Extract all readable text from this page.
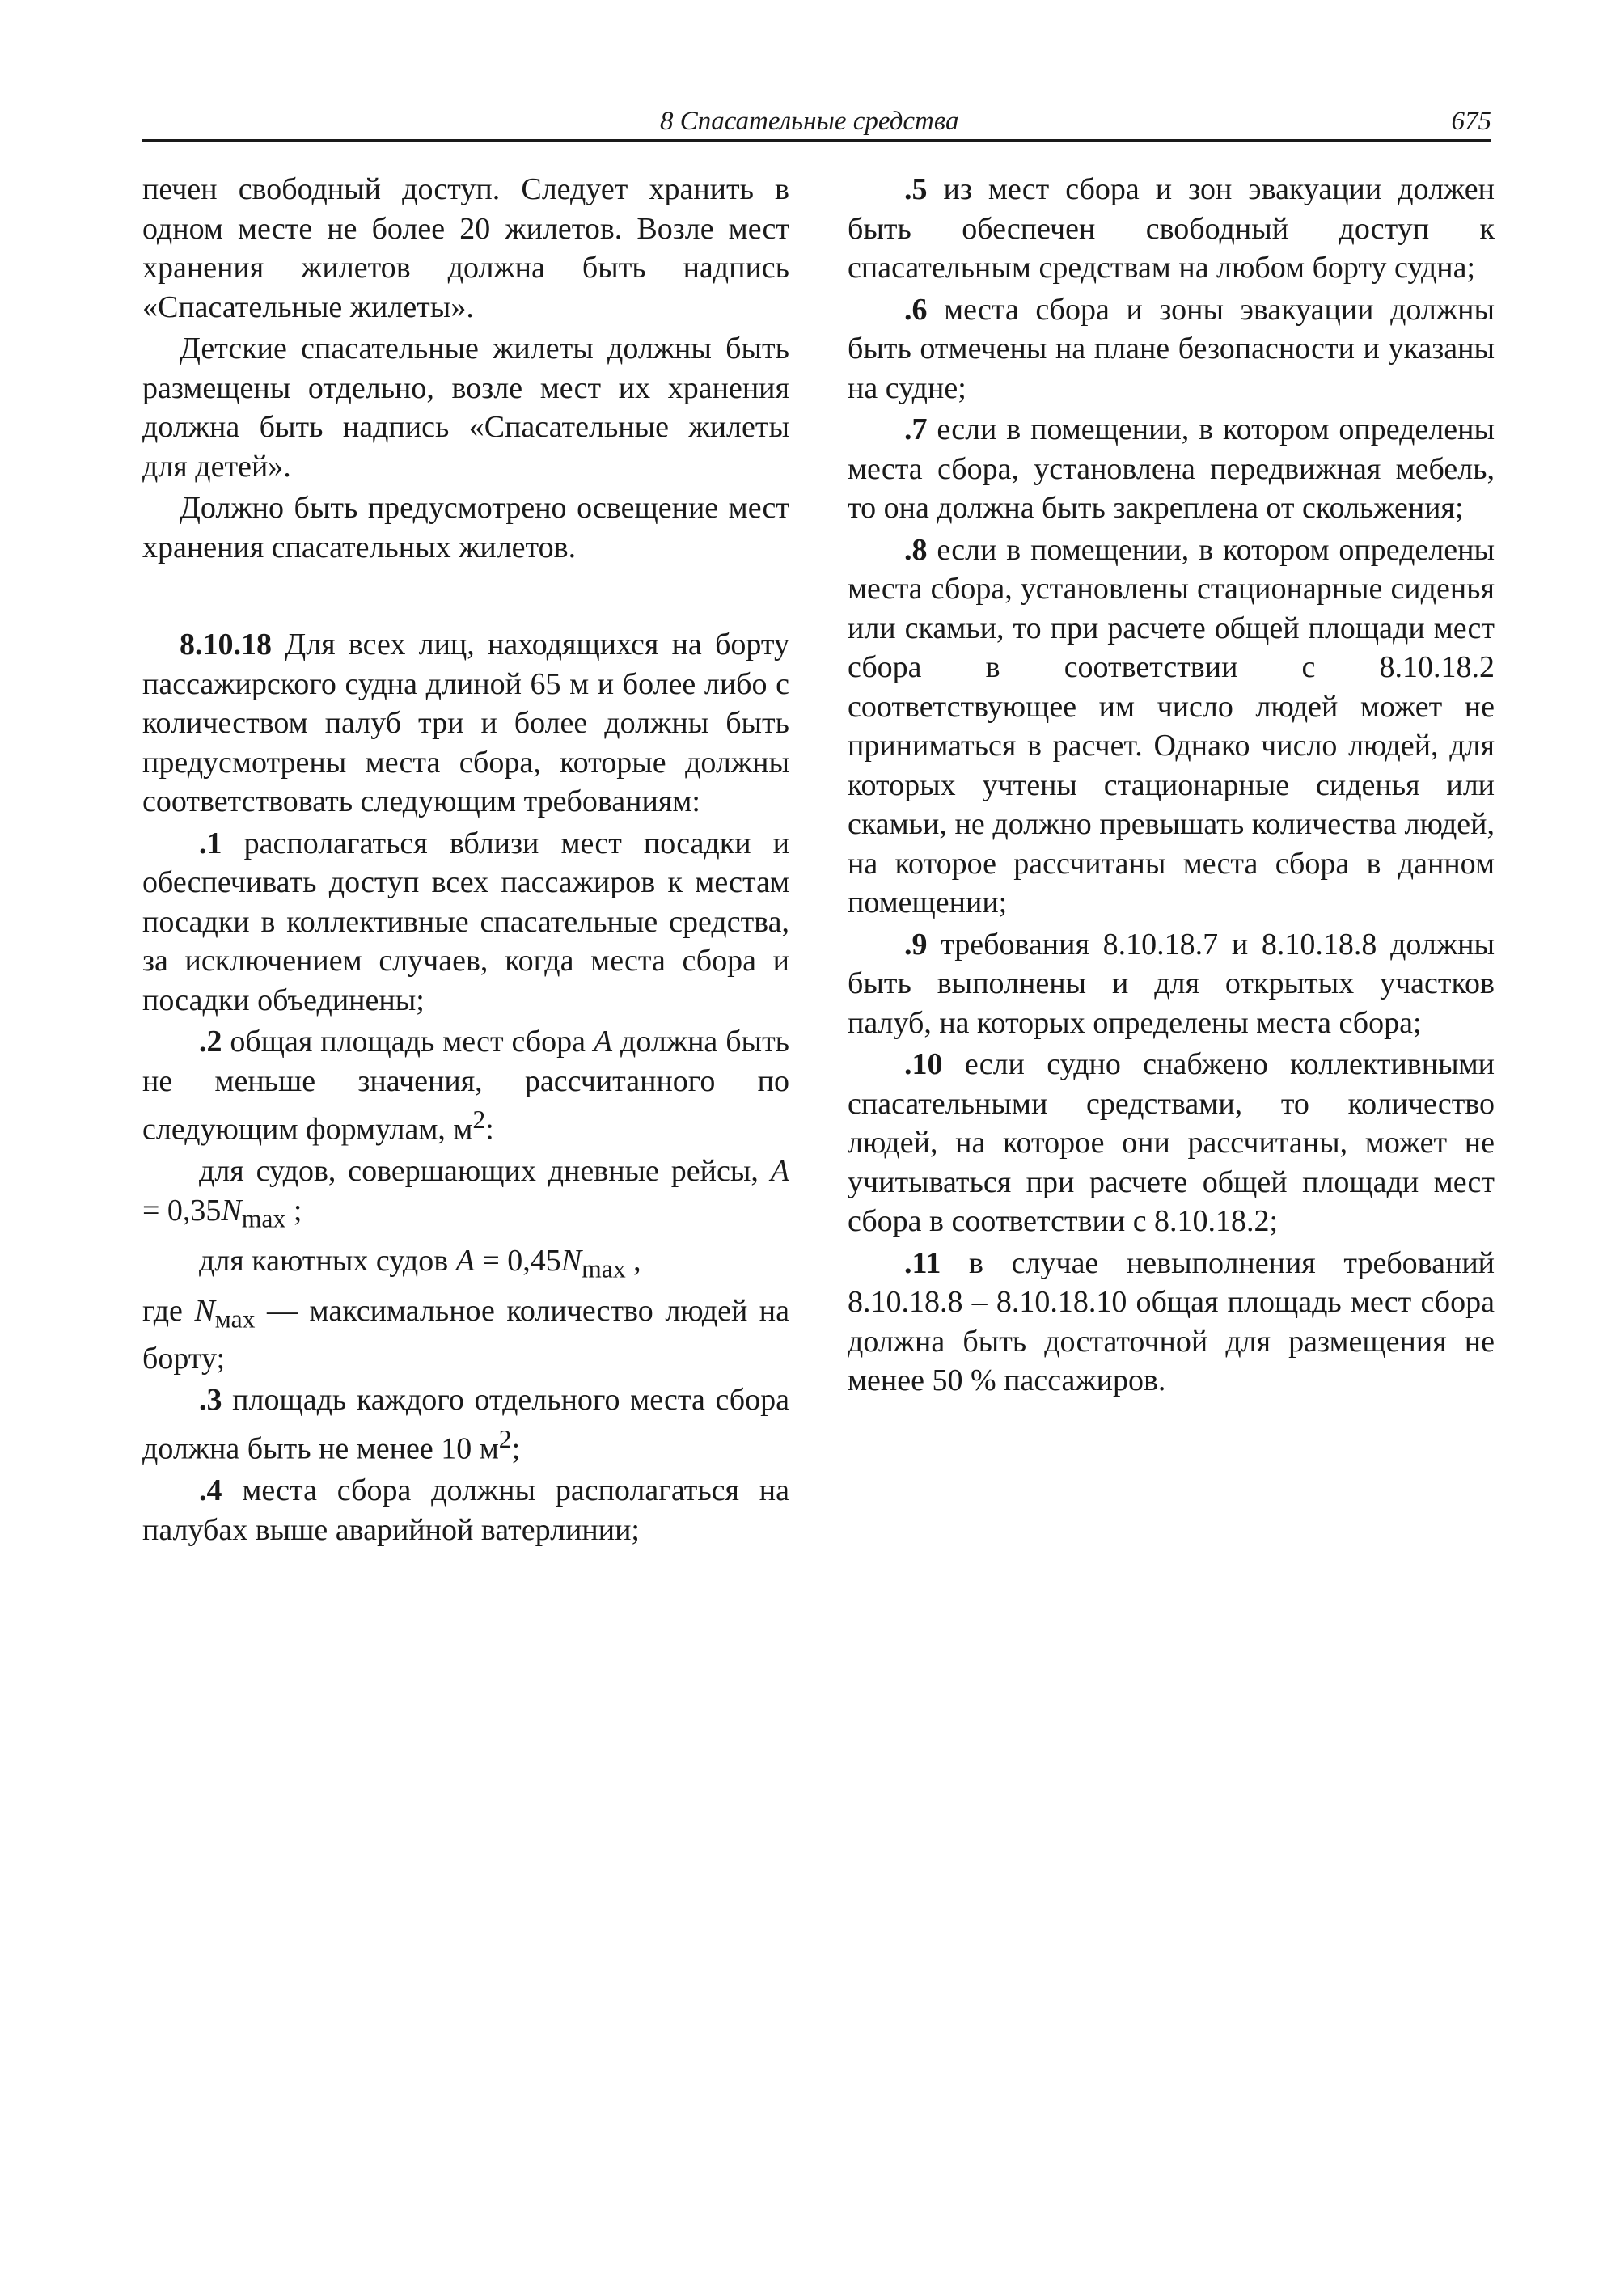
8 Спасательные средства	675

печен свободный доступ. Следует хранить в одном месте не более 20 жилетов. Возле мест хранения жилетов должна быть надпись «Спасательные жилеты».

Детские спасательные жилеты должны быть размещены отдельно, возле мест их хранения должна быть надпись «Спасательные жилеты для детей».

Должно быть предусмотрено освещение мест хранения спасательных жилетов.

8.10.18 Для всех лиц, находящихся на борту пассажирского судна длиной 65 м и более либо с количеством палуб три и более должны быть предусмотрены места сбора, которые должны соответствовать следующим требованиям:

.1 располагаться вблизи мест посадки и обеспечивать доступ всех пассажиров к местам посадки в коллективные спасательные средства, за исключением случаев, когда места сбора и посадки объединены;

.2 общая площадь мест сбора A должна быть не меньше значения, рассчитанного по следующим формулам, $м^2$:

для судов, совершающих дневные рейсы, $A = 0,35N_{max}$ ;

для каютных судов $A = 0,45N_{max}$ ,

где $N_{мах}$ — максимальное количество людей на борту;

.3 площадь каждого отдельного места сбора должна быть не менее 10 $м^2$;

.4 места сбора должны располагаться на палубах выше аварийной ватерлинии;

.5 из мест сбора и зон эвакуации должен быть обеспечен свободный доступ к спасательным средствам на любом борту судна;

.6 места сбора и зоны эвакуации должны быть отмечены на плане безопасности и указаны на судне;

.7 если в помещении, в котором определены места сбора, установлена передвижная мебель, то она должна быть закреплена от скольжения;

.8 если в помещении, в котором определены места сбора, установлены стационарные сиденья или скамьи, то при расчете общей площади мест сбора в соответствии с 8.10.18.2 соответствующее им число людей может не приниматься в расчет. Однако число людей, для которых учтены стационарные сиденья или скамьи, не должно превышать количества людей, на которое рассчитаны места сбора в данном помещении;

.9 требования 8.10.18.7 и 8.10.18.8 должны быть выполнены и для открытых участков палуб, на которых определены места сбора;

.10 если судно снабжено коллективными спасательными средствами, то количество людей, на которое они рассчитаны, может не учитываться при расчете общей площади мест сбора в соответствии с 8.10.18.2;

.11 в случае невыполнения требований 8.10.18.8 – 8.10.18.10 общая площадь мест сбора должна быть достаточной для размещения не менее 50 % пассажиров.
